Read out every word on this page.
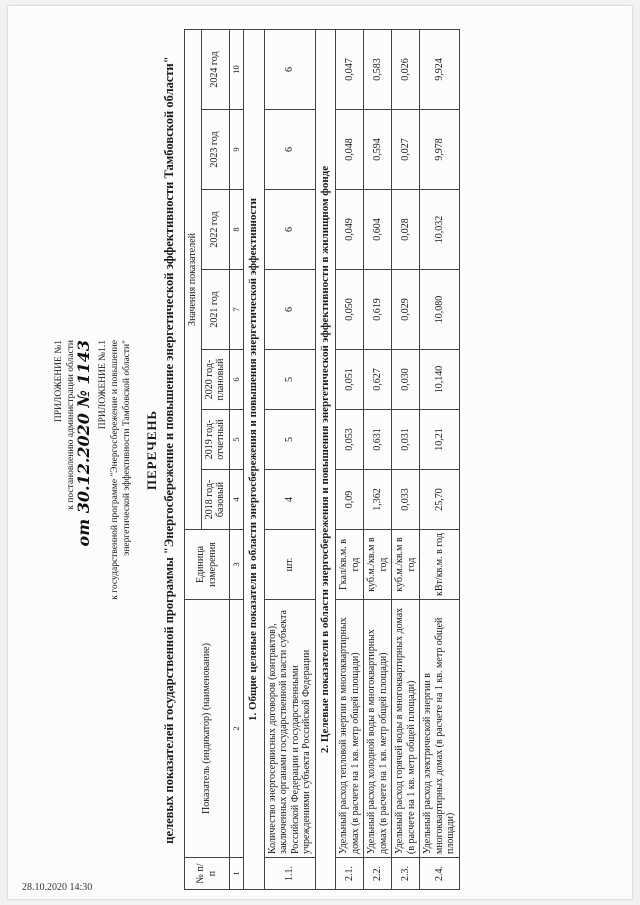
ПРИЛОЖЕНИЕ №1 к постановлению администрации области
от 30.12.2020 № 1143 ПРИЛОЖЕНИЕ №1.1 к государственной программе "Энергосбережение и повышение энергетической эффективности Тамбовской области" ПЕРЕЧЕНЬ целевых показателей государственной программы "Энергосбережение и повышение энергетической эффективности Тамбовской области"
№ п/п	Показатель (индикатор) (наименование)	Единица измерения	Значения показателей						
			2018 год-базовый	2019 год-отчетный	2020 год-плановый	2021 год	2022 год	2023 год	2024 год
1	2	3	4	5	6	7	8	9	10
1. Общие целевые показатели в области энергосбережения и повышения энергетической эффективности									
1.1.	Количество энергосервисных договоров (контрактов), заключенных органами государственной власти субъекта Российской Федерации и государственными учреждениями субъекта Российской Федерации	шт.	4	5	5	6	6	6	6
2. Целевые показатели в области энергосбережения и повышения энергетической эффективности в жилищном фонде									
2.1.	Удельный расход тепловой энергии в многоквартирных домах (в расчете на 1 кв. метр общей площади)	Гкал/кв.м. в год	0,09	0,053	0,051	0,050	0,049	0,048	0,047
2.2.	Удельный расход холодной воды в многоквартирных домах (в расчете на 1 кв. метр общей площади)	куб.м./кв.м в год	1,362	0,631	0,627	0,619	0,604	0,594	0,583
2.3.	Удельный расход горячей воды в многоквартирных домах (в расчете на 1 кв. метр общей площади)	куб.м./кв.м в год	0,033	0,031	0,030	0,029	0,028	0,027	0,026
2.4.	Удельный расход электрической энергии в многоквартирных домах (в расчете на 1 кв. метр общей площади)	кВт/кв.м. в год	25,70	10,21	10,140	10,080	10,032	9,978	9,924
28.10.2020 14:30
